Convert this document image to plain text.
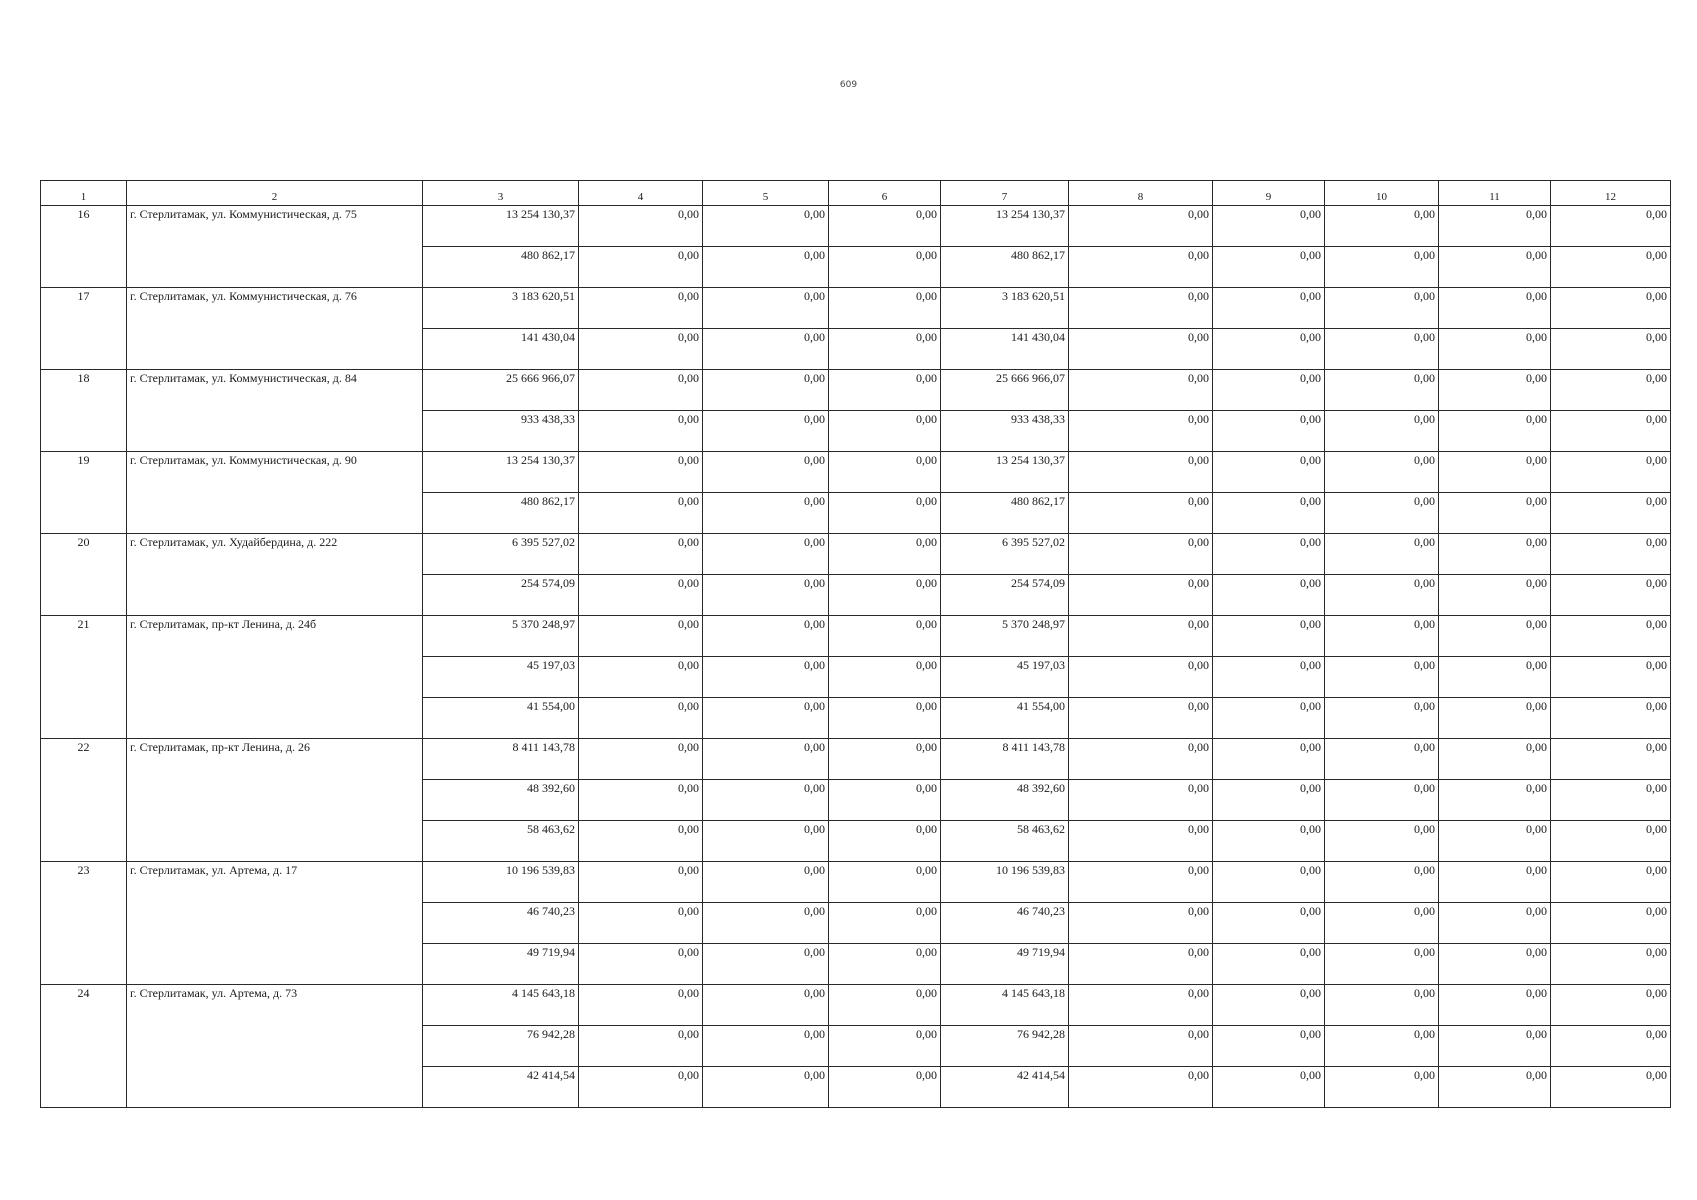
609
1	2	3	4	5	6	7	8	9	10	11	12
16	г. Стерлитамак, ул. Коммунистическая, д. 75	13 254 130,37	0,00	0,00	0,00	13 254 130,37	0,00	0,00	0,00	0,00	0,00
		480 862,17	0,00	0,00	0,00	480 862,17	0,00	0,00	0,00	0,00	0,00
17	г. Стерлитамак, ул. Коммунистическая, д. 76	3 183 620,51	0,00	0,00	0,00	3 183 620,51	0,00	0,00	0,00	0,00	0,00
		141 430,04	0,00	0,00	0,00	141 430,04	0,00	0,00	0,00	0,00	0,00
18	г. Стерлитамак, ул. Коммунистическая, д. 84	25 666 966,07	0,00	0,00	0,00	25 666 966,07	0,00	0,00	0,00	0,00	0,00
		933 438,33	0,00	0,00	0,00	933 438,33	0,00	0,00	0,00	0,00	0,00
19	г. Стерлитамак, ул. Коммунистическая, д. 90	13 254 130,37	0,00	0,00	0,00	13 254 130,37	0,00	0,00	0,00	0,00	0,00
		480 862,17	0,00	0,00	0,00	480 862,17	0,00	0,00	0,00	0,00	0,00
20	г. Стерлитамак, ул. Худайбердина, д. 222	6 395 527,02	0,00	0,00	0,00	6 395 527,02	0,00	0,00	0,00	0,00	0,00
		254 574,09	0,00	0,00	0,00	254 574,09	0,00	0,00	0,00	0,00	0,00
21	г. Стерлитамак, пр-кт Ленина, д. 24б	5 370 248,97	0,00	0,00	0,00	5 370 248,97	0,00	0,00	0,00	0,00	0,00
		45 197,03	0,00	0,00	0,00	45 197,03	0,00	0,00	0,00	0,00	0,00
		41 554,00	0,00	0,00	0,00	41 554,00	0,00	0,00	0,00	0,00	0,00
22	г. Стерлитамак, пр-кт Ленина, д. 26	8 411 143,78	0,00	0,00	0,00	8 411 143,78	0,00	0,00	0,00	0,00	0,00
		48 392,60	0,00	0,00	0,00	48 392,60	0,00	0,00	0,00	0,00	0,00
		58 463,62	0,00	0,00	0,00	58 463,62	0,00	0,00	0,00	0,00	0,00
23	г. Стерлитамак, ул. Артема, д. 17	10 196 539,83	0,00	0,00	0,00	10 196 539,83	0,00	0,00	0,00	0,00	0,00
		46 740,23	0,00	0,00	0,00	46 740,23	0,00	0,00	0,00	0,00	0,00
		49 719,94	0,00	0,00	0,00	49 719,94	0,00	0,00	0,00	0,00	0,00
24	г. Стерлитамак, ул. Артема, д. 73	4 145 643,18	0,00	0,00	0,00	4 145 643,18	0,00	0,00	0,00	0,00	0,00
		76 942,28	0,00	0,00	0,00	76 942,28	0,00	0,00	0,00	0,00	0,00
		42 414,54	0,00	0,00	0,00	42 414,54	0,00	0,00	0,00	0,00	0,00
